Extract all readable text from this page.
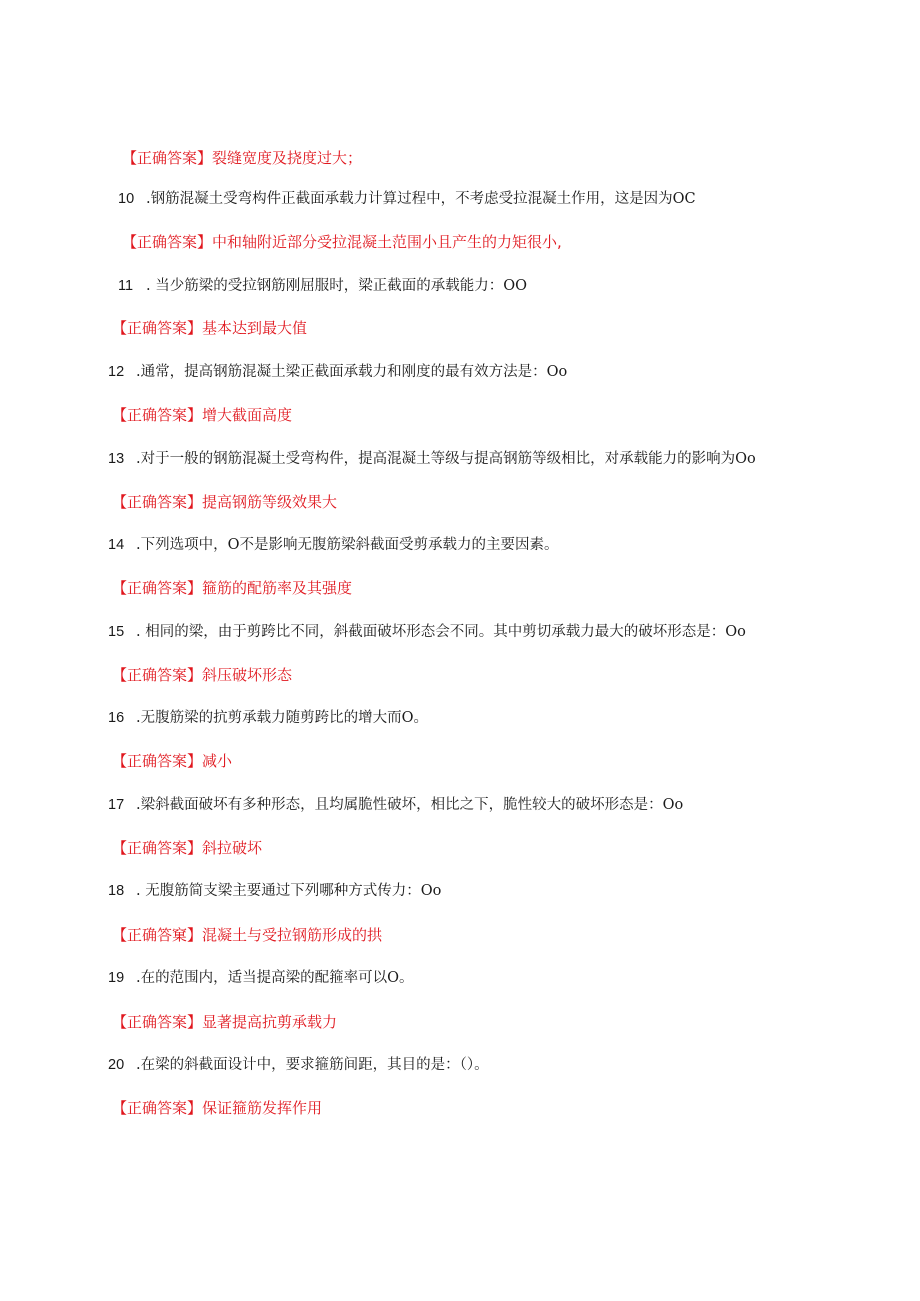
【正确答案】裂缝宽度及挠度过大；
10 .钢筋混凝土受弯构件正截面承载力计算过程中，不考虑受拉混凝土作用，这是因为OC
【正确答案】中和轴附近部分受拉混凝土范围小且产生的力矩很小,
11 . 当少筋梁的受拉钢筋刚屈服时，梁正截面的承载能力：OO
【正确答案】基本达到最大值
12 .通常，提高钢筋混凝土梁正截面承载力和刚度的最有效方法是：Oo
【正确答案】增大截面高度
13 .对于一般的钢筋混凝土受弯构件，提高混凝土等级与提高钢筋等级相比，对承载能力的影响为Oo
【正确答案】提高钢筋等级效果大
14 .下列选项中，O不是影响无腹筋梁斜截面受剪承载力的主要因素。
【正确答案】箍筋的配筋率及其强度
15 . 相同的梁，由于剪跨比不同，斜截面破坏形态会不同。其中剪切承载力最大的破坏形态是：Oo
【正确答案】斜压破坏形态
16 .无腹筋梁的抗剪承载力随剪跨比的增大而O。
【正确答案】减小
17 .梁斜截面破坏有多种形态，且均属脆性破坏，相比之下，脆性较大的破坏形态是：Oo
【正确答案】斜拉破坏
18 . 无腹筋简支梁主要通过下列哪种方式传力：Oo
【正确答窠】混凝土与受拉钢筋形成的拱
19 .在的范围内，适当提高梁的配箍率可以O。
【正确答案】显著提高抗剪承载力
20 .在梁的斜截面设计中，要求箍筋间距，其目的是：（）。
【正确答案】保证箍筋发挥作用
